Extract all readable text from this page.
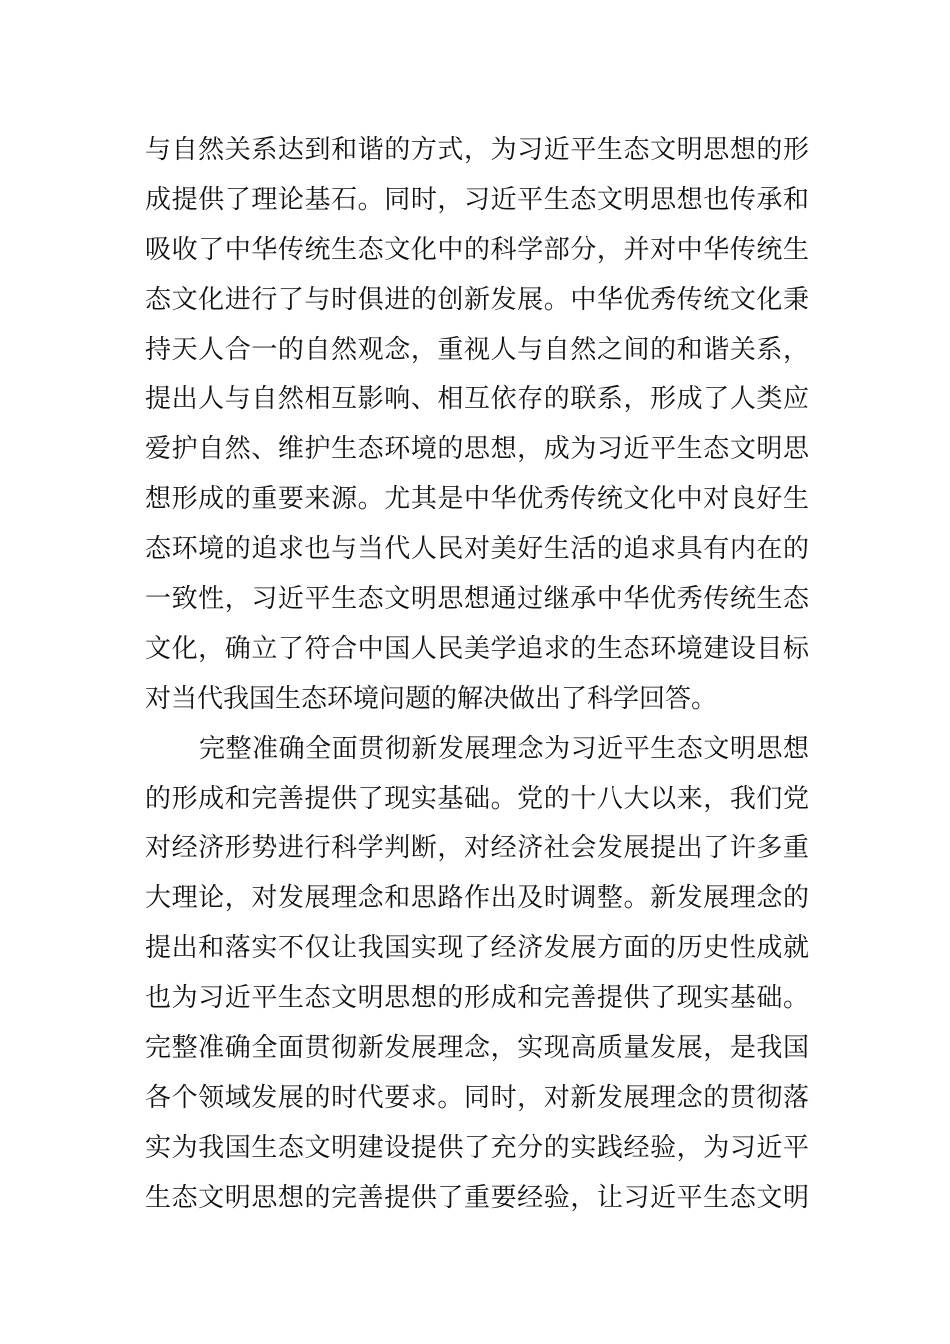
与自然关系达到和谐的方式，为习近平生态文明思想的形
成提供了理论基石。同时，习近平生态文明思想也传承和
吸收了中华传统生态文化中的科学部分，并对中华传统生
态文化进行了与时俱进的创新发展。中华优秀传统文化秉
持天人合一的自然观念，重视人与自然之间的和谐关系，
提出人与自然相互影响、相互依存的联系，形成了人类应
爱护自然、维护生态环境的思想，成为习近平生态文明思
想形成的重要来源。尤其是中华优秀传统文化中对良好生
态环境的追求也与当代人民对美好生活的追求具有内在的
一致性，习近平生态文明思想通过继承中华优秀传统生态
文化，确立了符合中国人民美学追求的生态环境建设目标
对当代我国生态环境问题的解决做出了科学回答。
完整准确全面贯彻新发展理念为习近平生态文明思想
的形成和完善提供了现实基础。党的十八大以来，我们党
对经济形势进行科学判断，对经济社会发展提出了许多重
大理论，对发展理念和思路作出及时调整。新发展理念的
提出和落实不仅让我国实现了经济发展方面的历史性成就
也为习近平生态文明思想的形成和完善提供了现实基础。
完整准确全面贯彻新发展理念，实现高质量发展，是我国
各个领域发展的时代要求。同时，对新发展理念的贯彻落
实为我国生态文明建设提供了充分的实践经验，为习近平
生态文明思想的完善提供了重要经验，让习近平生态文明
